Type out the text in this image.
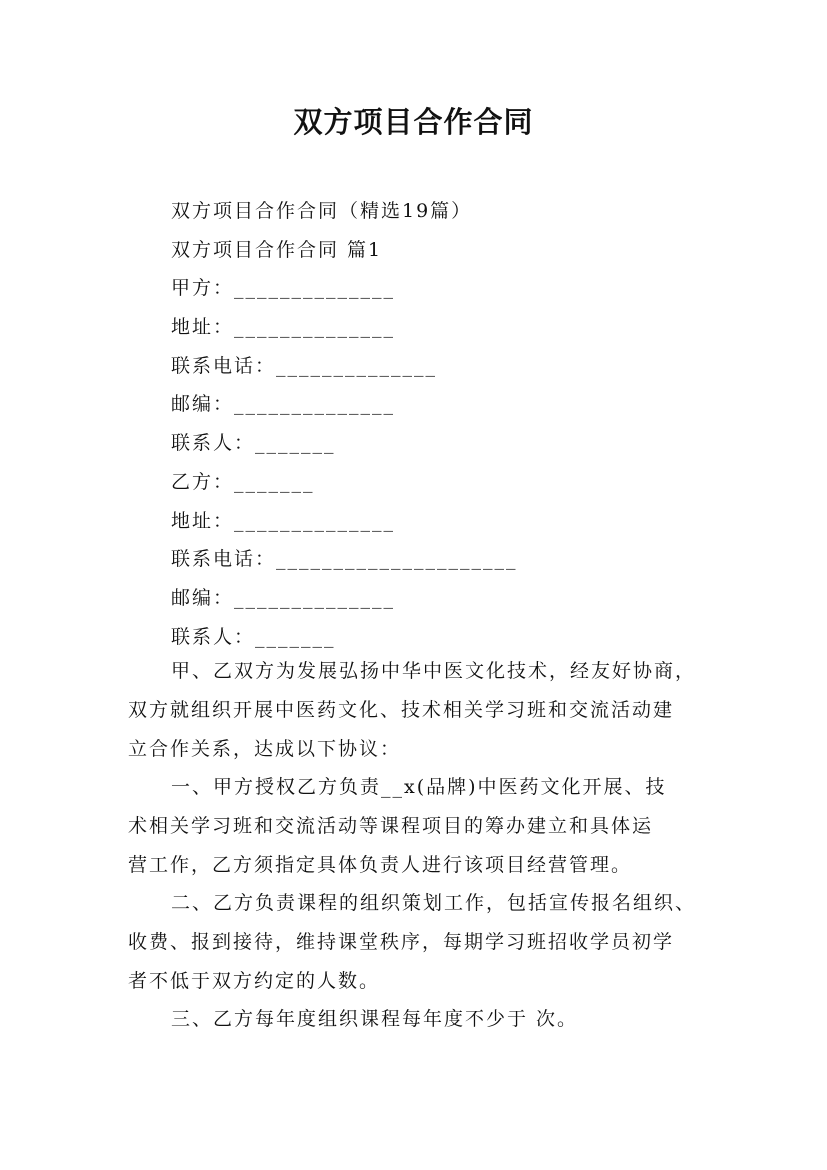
双方项目合作合同
双方项目合作合同（精选19篇）
双方项目合作合同 篇1
甲方：______________
地址：______________
联系电话：______________
邮编：______________
联系人：_______
乙方：_______
地址：______________
联系电话：_____________________
邮编：______________
联系人：_______
甲、乙双方为发展弘扬中华中医文化技术，经友好协商，
双方就组织开展中医药文化、技术相关学习班和交流活动建
立合作关系，达成以下协议：
一、甲方授权乙方负责__x(品牌)中医药文化开展、技
术相关学习班和交流活动等课程项目的筹办建立和具体运
营工作，乙方须指定具体负责人进行该项目经营管理。
二、乙方负责课程的组织策划工作，包括宣传报名组织、
收费、报到接待，维持课堂秩序，每期学习班招收学员初学
者不低于双方约定的人数。
三、乙方每年度组织课程每年度不少于 次。
